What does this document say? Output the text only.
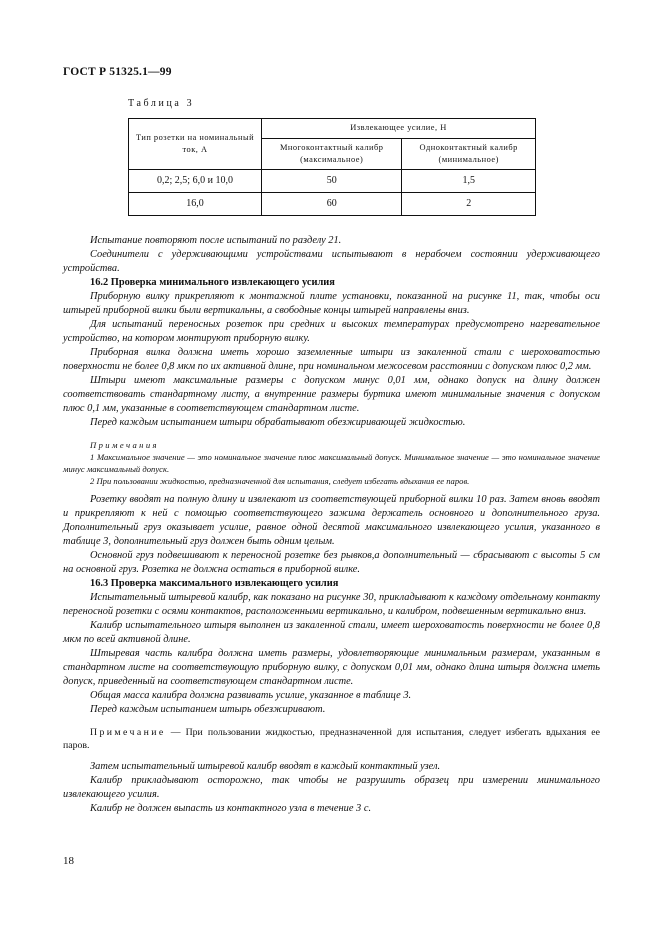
ГОСТ Р 51325.1—99
Таблица 3
Тип розетки на номинальный ток, А	Извлекающее усилие, Н	
	Многоконтактный калибр (максимальное)	Одноконтактный калибр (минимальное)
0,2; 2,5; 6,0 и 10,0	50	1,5
16,0	60	2

Испытание повторяют после испытаний по разделу 21.

Соединители с удерживающими устройствами испытывают в нерабочем состоянии удерживающего устройства.

16.2 Проверка минимального извлекающего усилия

Приборную вилку прикрепляют к монтажной плите установки, показанной на рисунке 11, так, чтобы оси штырей приборной вилки были вертикальны, а свободные концы штырей направлены вниз.

Для испытаний переносных розеток при средних и высоких температурах предусмотрено нагревательное устройство, на котором монтируют приборную вилку.

Приборная вилка должна иметь хорошо заземленные штыри из закаленной стали с шероховатостью поверхности не более 0,8 мкм по их активной длине, при номинальном межосевом расстоянии с допуском плюс 0,2 мм.

Штыри имеют максимальные размеры с допуском минус 0,01 мм, однако допуск на длину должен соответствовать стандартному листу, а внутренние размеры буртика имеют минимальные значения с допуском плюс 0,1 мм, указанные в соответствующем стандартном листе.

Перед каждым испытанием штыри обрабатывают обезжиривающей жидкостью.

Примечания

1 Максимальное значение — это номинальное значение плюс максимальный допуск. Минимальное значение — это номинальное значение минус максимальный допуск.

2 При пользовании жидкостью, предназначенной для испытания, следует избегать вдыхания ее паров.

Розетку вводят на полную длину и извлекают из соответствующей приборной вилки 10 раз. Затем вновь вводят и прикрепляют к ней с помощью соответствующего зажима держатель основного и дополнительного груза. Дополнительный груз оказывает усилие, равное одной десятой максимального извлекающего усилия, указанного в таблице 3, дополнительный груз должен быть одним целым.

Основной груз подвешивают к переносной розетке без рывков,а дополнительный — сбрасывают с высоты 5 см на основной груз. Розетка не должна остаться в приборной вилке.

16.3 Проверка максимального извлекающего усилия

Испытательный штыревой калибр, как показано на рисунке 30, прикладывают к каждому отдельному контакту переносной розетки с осями контактов, расположенными вертикально, и калибром, подвешенным вертикально вниз.

Калибр испытательного штыря выполнен из закаленной стали, имеет шероховатость поверхности не более 0,8 мкм по всей активной длине.

Штыревая часть калибра должна иметь размеры, удовлетворяющие минимальным размерам, указанным в стандартном листе на соответствующую приборную вилку, с допуском 0,01 мм, однако длина штыря должна иметь допуск, приведенный на соответствующем стандартном листе.

Общая масса калибра должна развивать усилие, указанное в таблице 3.

Перед каждым испытанием штырь обезжиривают.

Примечание — При пользовании жидкостью, предназначенной для испытания, следует избегать вдыхания ее паров.

Затем испытательный штыревой калибр вводят в каждый контактный узел.

Калибр прикладывают осторожно, так чтобы не разрушить образец при измерении минимального извлекающего усилия.

Калибр не должен выпасть из контактного узла в течение 3 с.

18
